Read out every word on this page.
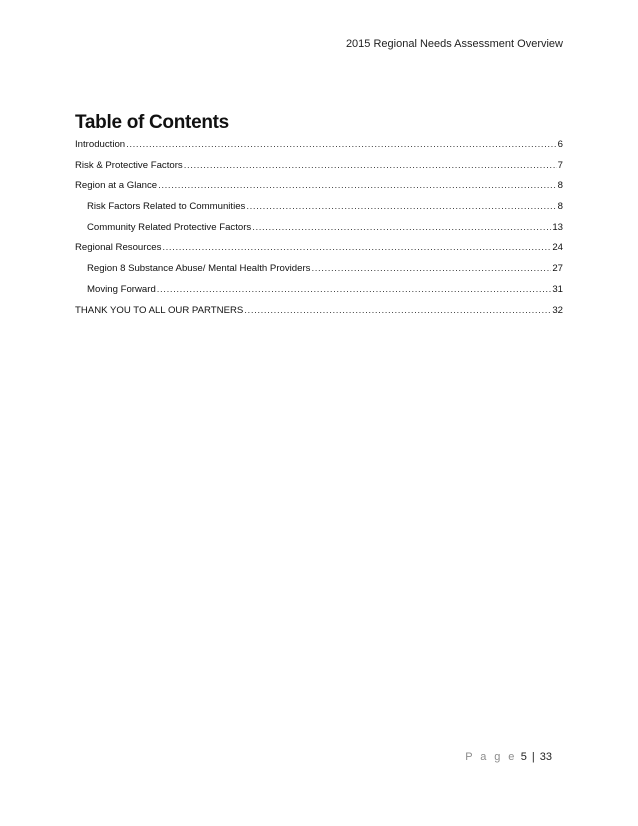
2015 Regional Needs Assessment Overview
Table of Contents
Introduction .....	6
Risk & Protective Factors .....	7
Region at a Glance .....	8
Risk Factors Related to Communities .....	8
Community Related Protective Factors .....	13
Regional Resources .....	24
Region 8 Substance Abuse/ Mental Health Providers .....	27
Moving Forward .....	31
THANK YOU TO ALL OUR PARTNERS .....	32
P a g e 5 | 33
